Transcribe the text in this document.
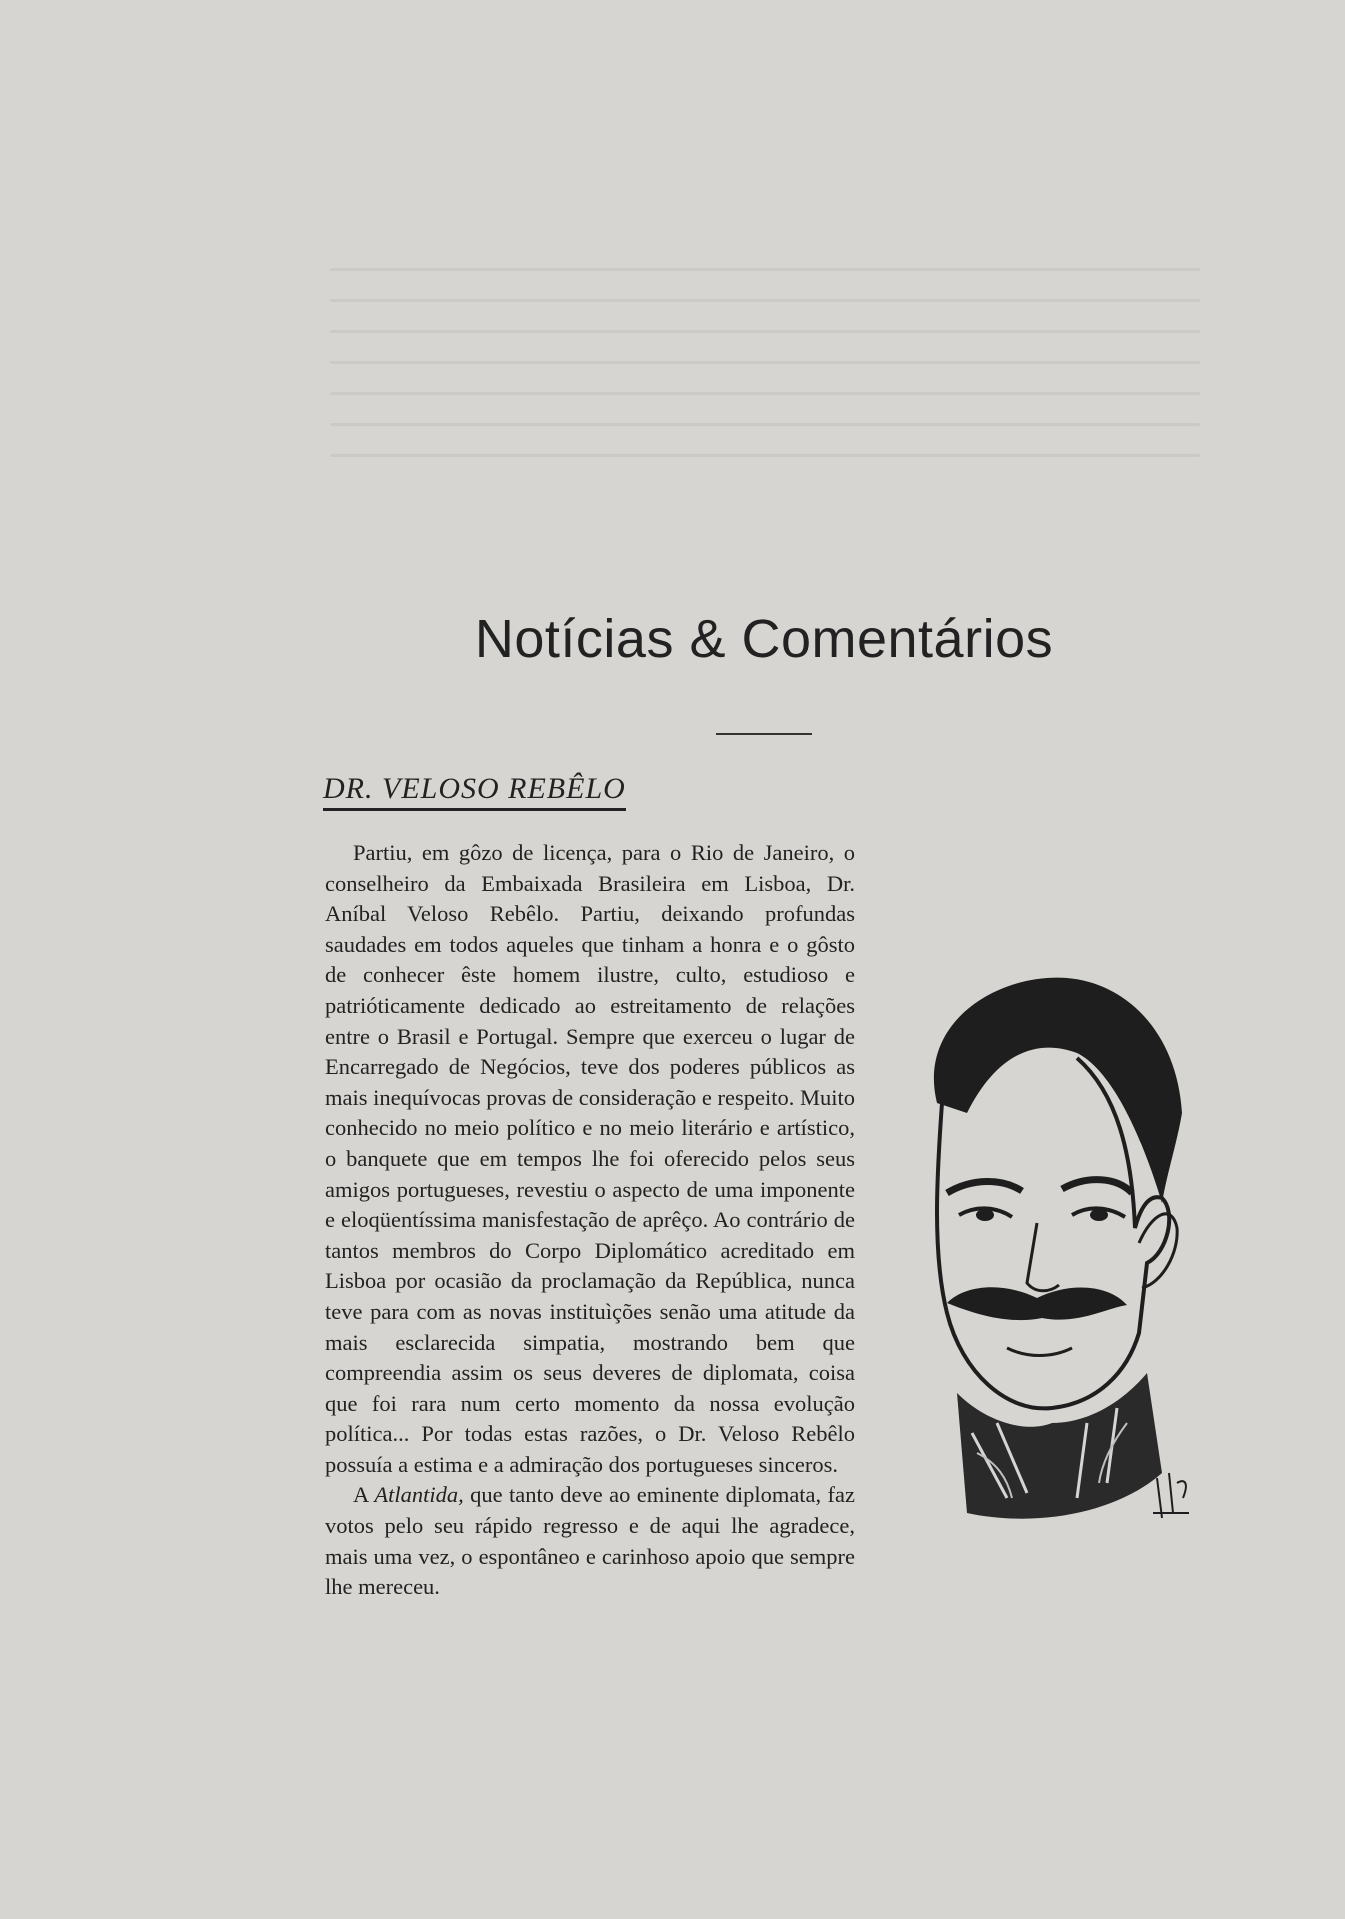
Notícias & Comentários
DR. VELOSO REBÊLO

Partiu, em gôzo de licença, para o Rio de Janeiro, o conselheiro da Embaixada Brasileira em Lisboa, Dr. Aníbal Veloso Rebêlo. Partiu, deixando profundas saudades em todos aqueles que tinham a honra e o gôsto de conhecer êste homem ilustre, culto, estudioso e patrióticamente dedicado ao estreitamento de relações entre o Brasil e Portugal. Sempre que exerceu o lugar de Encarregado de Negócios, teve dos poderes públicos as mais inequívocas provas de consideração e respeito. Muito conhecido no meio político e no meio literário e artístico, o banquete que em tempos lhe foi oferecido pelos seus amigos portugueses, revestiu o aspecto de uma imponente e eloqüentíssima manisfestação de aprêço. Ao contrário de tantos membros do Corpo Diplomático acreditado em Lisboa por ocasião da proclamação da República, nunca teve para com as novas instituìções senão uma atitude da mais esclarecida simpatia, mostrando bem que compreendia assim os seus deveres de diplomata, coisa que foi rara num certo momento da nossa evolução política... Por todas estas razões, o Dr. Veloso Rebêlo possuía a estima e a admiração dos portugueses sinceros.

A Atlantida, que tanto deve ao eminente diplomata, faz votos pelo seu rápido regresso e de aqui lhe agradece, mais uma vez, o espontâneo e carinhoso apoio que sempre lhe mereceu.
